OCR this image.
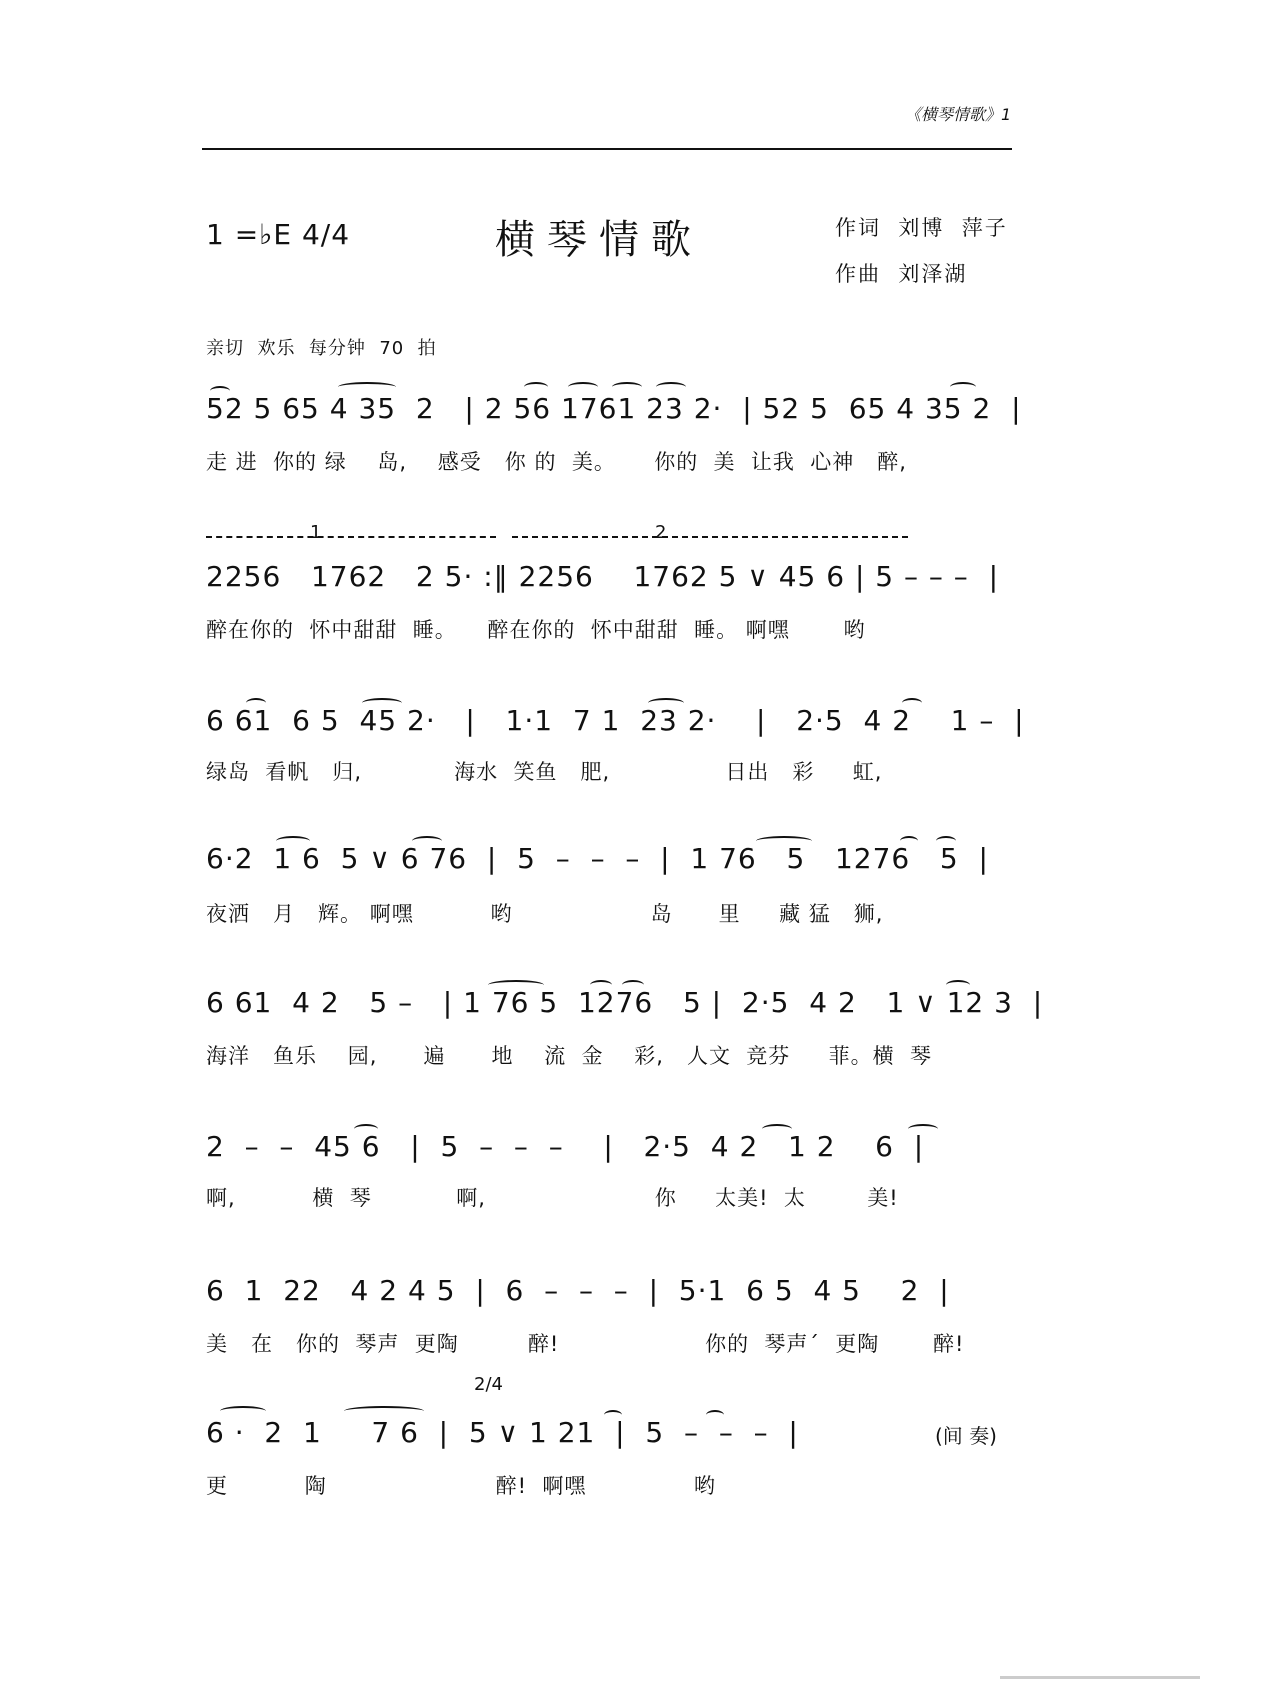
《横琴情歌》1
1 =♭E 4/4	横琴情歌	作词  刘博  萍子
作曲  刘泽湖
亲切  欢乐  每分钟  70  拍
52 5 65 4 35  2   | 2 56 1761 23 2·  | 52 5  65 4 35 2  |
走 进  你的 绿    岛,    感受   你 的  美。     你的  美  让我  心神   醉,
1	2
2256   1762   2 5· :‖ 2256    1762 5 ∨ 45 6 | 5 – – –  |
醉在你的  怀中甜甜  睡。    醉在你的  怀中甜甜  睡。 啊嘿       哟
6 61  6 5  45 2·   |   1·1  7 1  23 2·    |   2·5  4 2    1 –  |
绿岛  看帆   归,            海水  笑鱼   肥,               日出   彩     虹,
6·2  1 6  5 ∨ 6 76  |  5  –  –  –  |  1 76   5   1276   5  |
夜洒   月   辉。 啊嘿          哟                  岛      里     藏 猛   狮,
6 61  4 2   5 –   | 1 76 5  1276   5 |  2·5  4 2   1 ∨ 12 3  |
海洋   鱼乐    园,      遍      地    流  金    彩,   人文  竞芬     菲。横  琴
2  –  –  45 6   |  5  –  –  –    |   2·5  4 2   1 2    6  |
啊,          横  琴           啊,                      你     太美!  太        美!
6  1  22   4 2 4 5  |  6  –  –  –  |  5·1  6 5  4 5    2  |
美   在   你的  琴声  更陶         醉!                   你的  琴声ˊ  更陶       醉!
2/4
6 ·  2  1     7 6  |  5 ∨ 1 21  |  5  –  –  –  |	(间 奏)
更          陶                      醉!  啊嘿              哟
